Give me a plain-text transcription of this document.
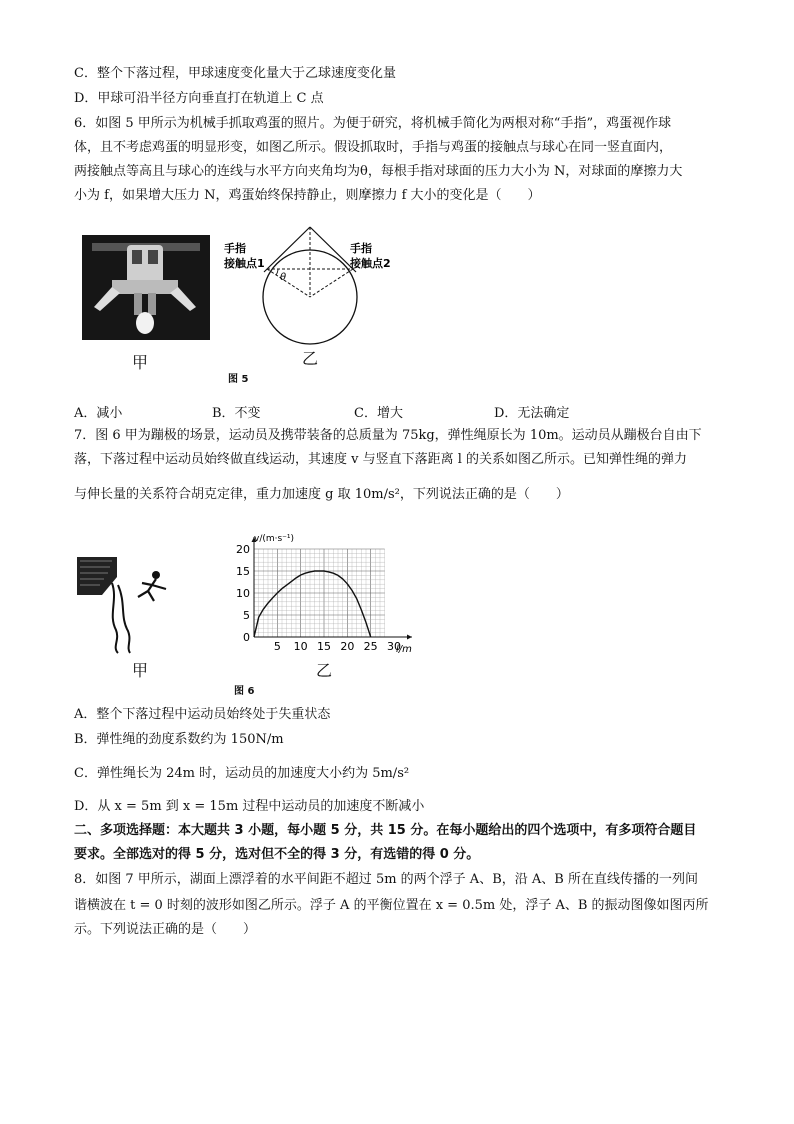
C．整个下落过程，甲球速度变化量大于乙球速度变化量
D．甲球可沿半径方向垂直打在轨道上 C 点
6．如图 5 甲所示为机械手抓取鸡蛋的照片。为便于研究，将机械手简化为两根对称“手指”，鸡蛋视作球
体，且不考虑鸡蛋的明显形变，如图乙所示。假设抓取时，手指与鸡蛋的接触点与球心在同一竖直面内，
两接触点等高且与球心的连线与水平方向夹角均为θ，每根手指对球面的压力大小为 N，对球面的摩擦力大
小为 f，如果增大压力 N，鸡蛋始终保持静止，则摩擦力 f 大小的变化是（　　）
甲
θ
手指
接触点1
手指
接触点2
乙
图 5
A．减小	B．不变	C．增大	D．无法确定
7．图 6 甲为蹦极的场景，运动员及携带装备的总质量为 75kg，弹性绳原长为 10m。运动员从蹦极台自由下
落，下落过程中运动员始终做直线运动，其速度 v 与竖直下落距离 l 的关系如图乙所示。已知弹性绳的弹力
与伸长量的关系符合胡克定律，重力加速度 g 取 10m/s²，下列说法正确的是（　　）
甲
5 10 15 20 25 30
0
5
10
15
20
v/(m·s⁻¹)
l/m
乙
图 6
A．整个下落过程中运动员始终处于失重状态
B．弹性绳的劲度系数约为 150N/m
C．弹性绳长为 24m 时，运动员的加速度大小约为 5m/s²
D．从 x = 5m 到 x = 15m 过程中运动员的加速度不断减小
二、多项选择题：本大题共 3 小题，每小题 5 分，共 15 分。在每小题给出的四个选项中，有多项符合题目
要求。全部选对的得 5 分，选对但不全的得 3 分，有选错的得 0 分。
8．如图 7 甲所示，湖面上漂浮着的水平间距不超过 5m 的两个浮子 A、B，沿 A、B 所在直线传播的一列间
谐横波在 t = 0 时刻的波形如图乙所示。浮子 A 的平衡位置在 x = 0.5m 处，浮子 A、B 的振动图像如图丙所
示。下列说法正确的是（　　）
